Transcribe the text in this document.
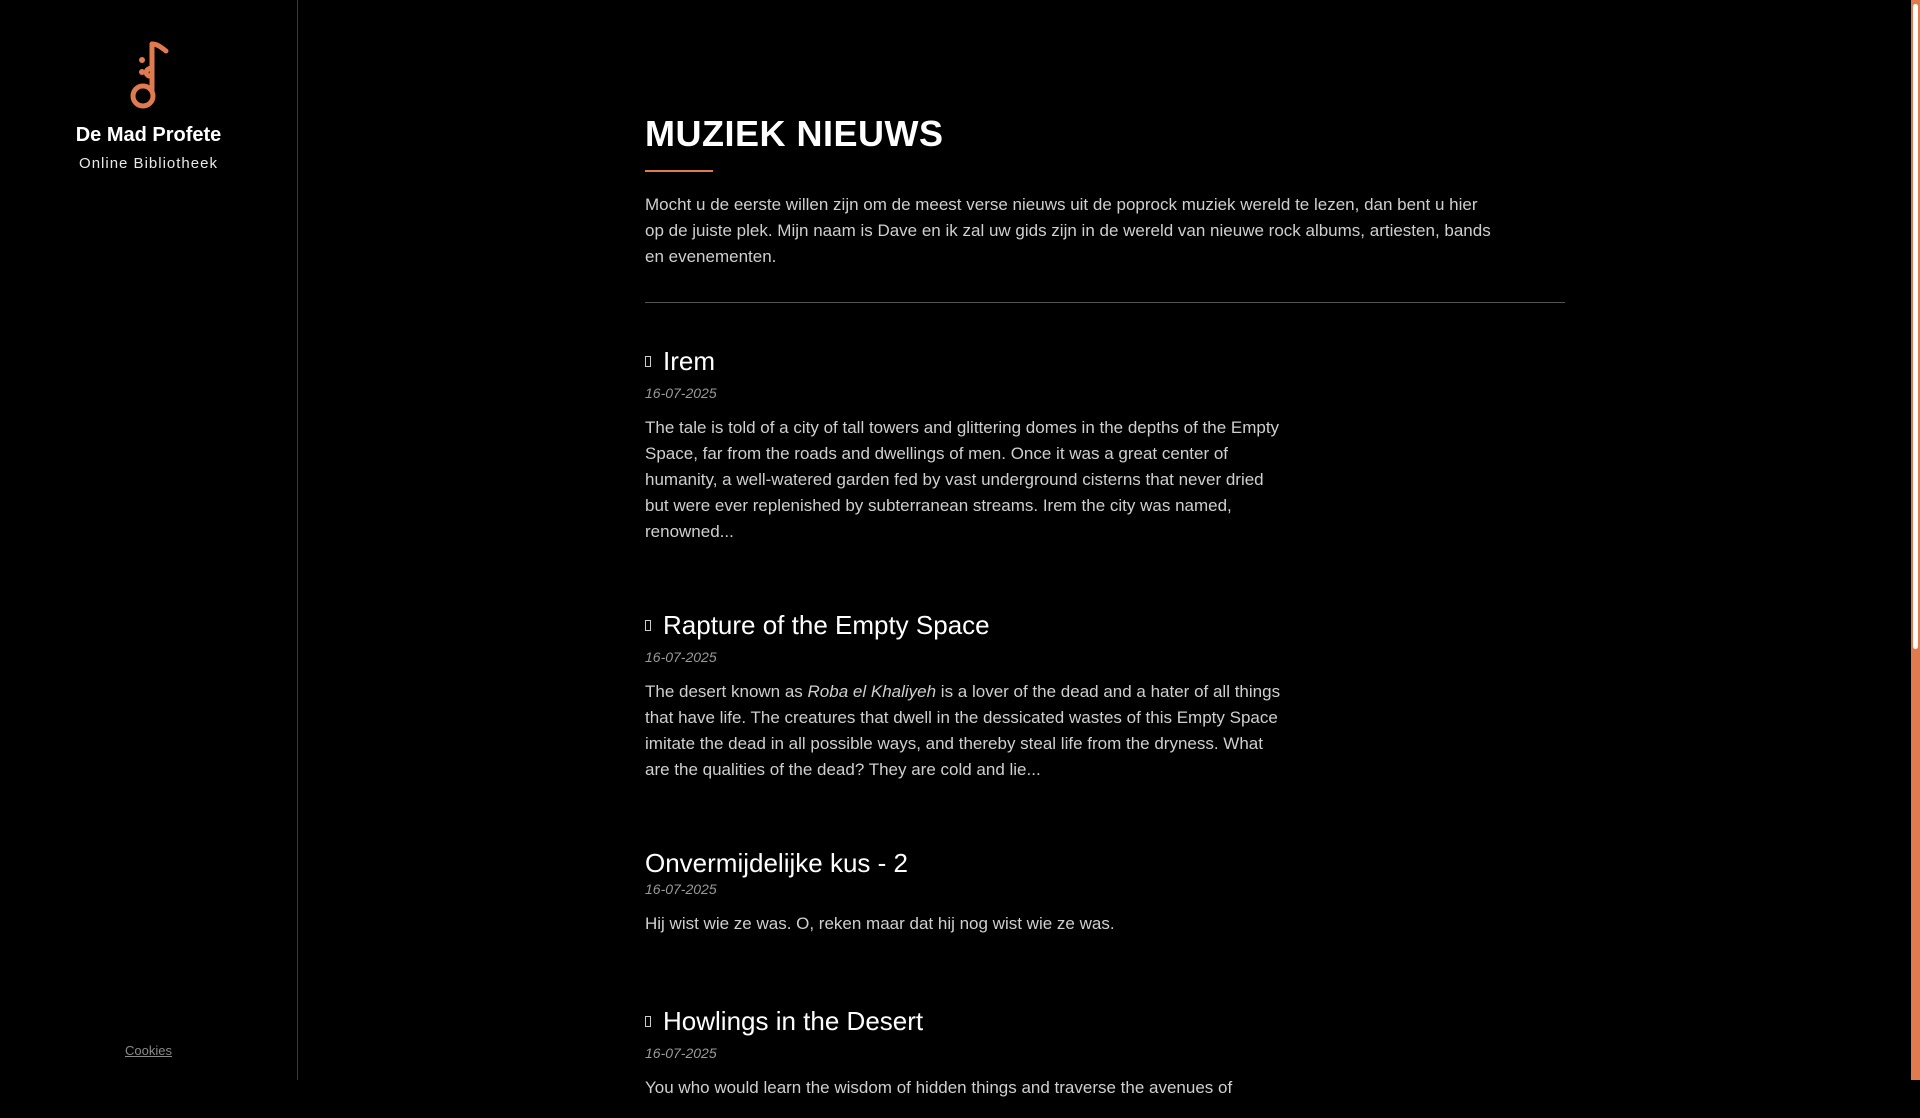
De Mad Profete
Online Bibliotheek
Cookies
MUZIEK NIEUWS

Mocht u de eerste willen zijn om de meest verse nieuws uit de poprock muziek wereld te lezen, dan bent u hier op de juiste plek. Mijn naam is Dave en ik zal uw gids zijn in de wereld van nieuwe rock albums, artiesten, bands en evenementen.

Irem
16-07-2025

The tale is told of a city of tall towers and glittering domes in the depths of the Empty Space, far from the roads and dwellings of men. Once it was a great center of humanity, a well-watered garden fed by vast underground cisterns that never dried but were ever replenished by subterranean streams. Irem the city was named, renowned...

Rapture of the Empty Space
16-07-2025

The desert known as Roba el Khaliyeh is a lover of the dead and a hater of all things that have life. The creatures that dwell in the dessicated wastes of this Empty Space imitate the dead in all possible ways, and thereby steal life from the dryness. What are the qualities of the dead? They are cold and lie...

Onvermijdelijke kus - 2
16-07-2025

Hij wist wie ze was. O, reken maar dat hij nog wist wie ze was.

Howlings in the Desert
16-07-2025

You who would learn the wisdom of hidden things and traverse the avenues of
